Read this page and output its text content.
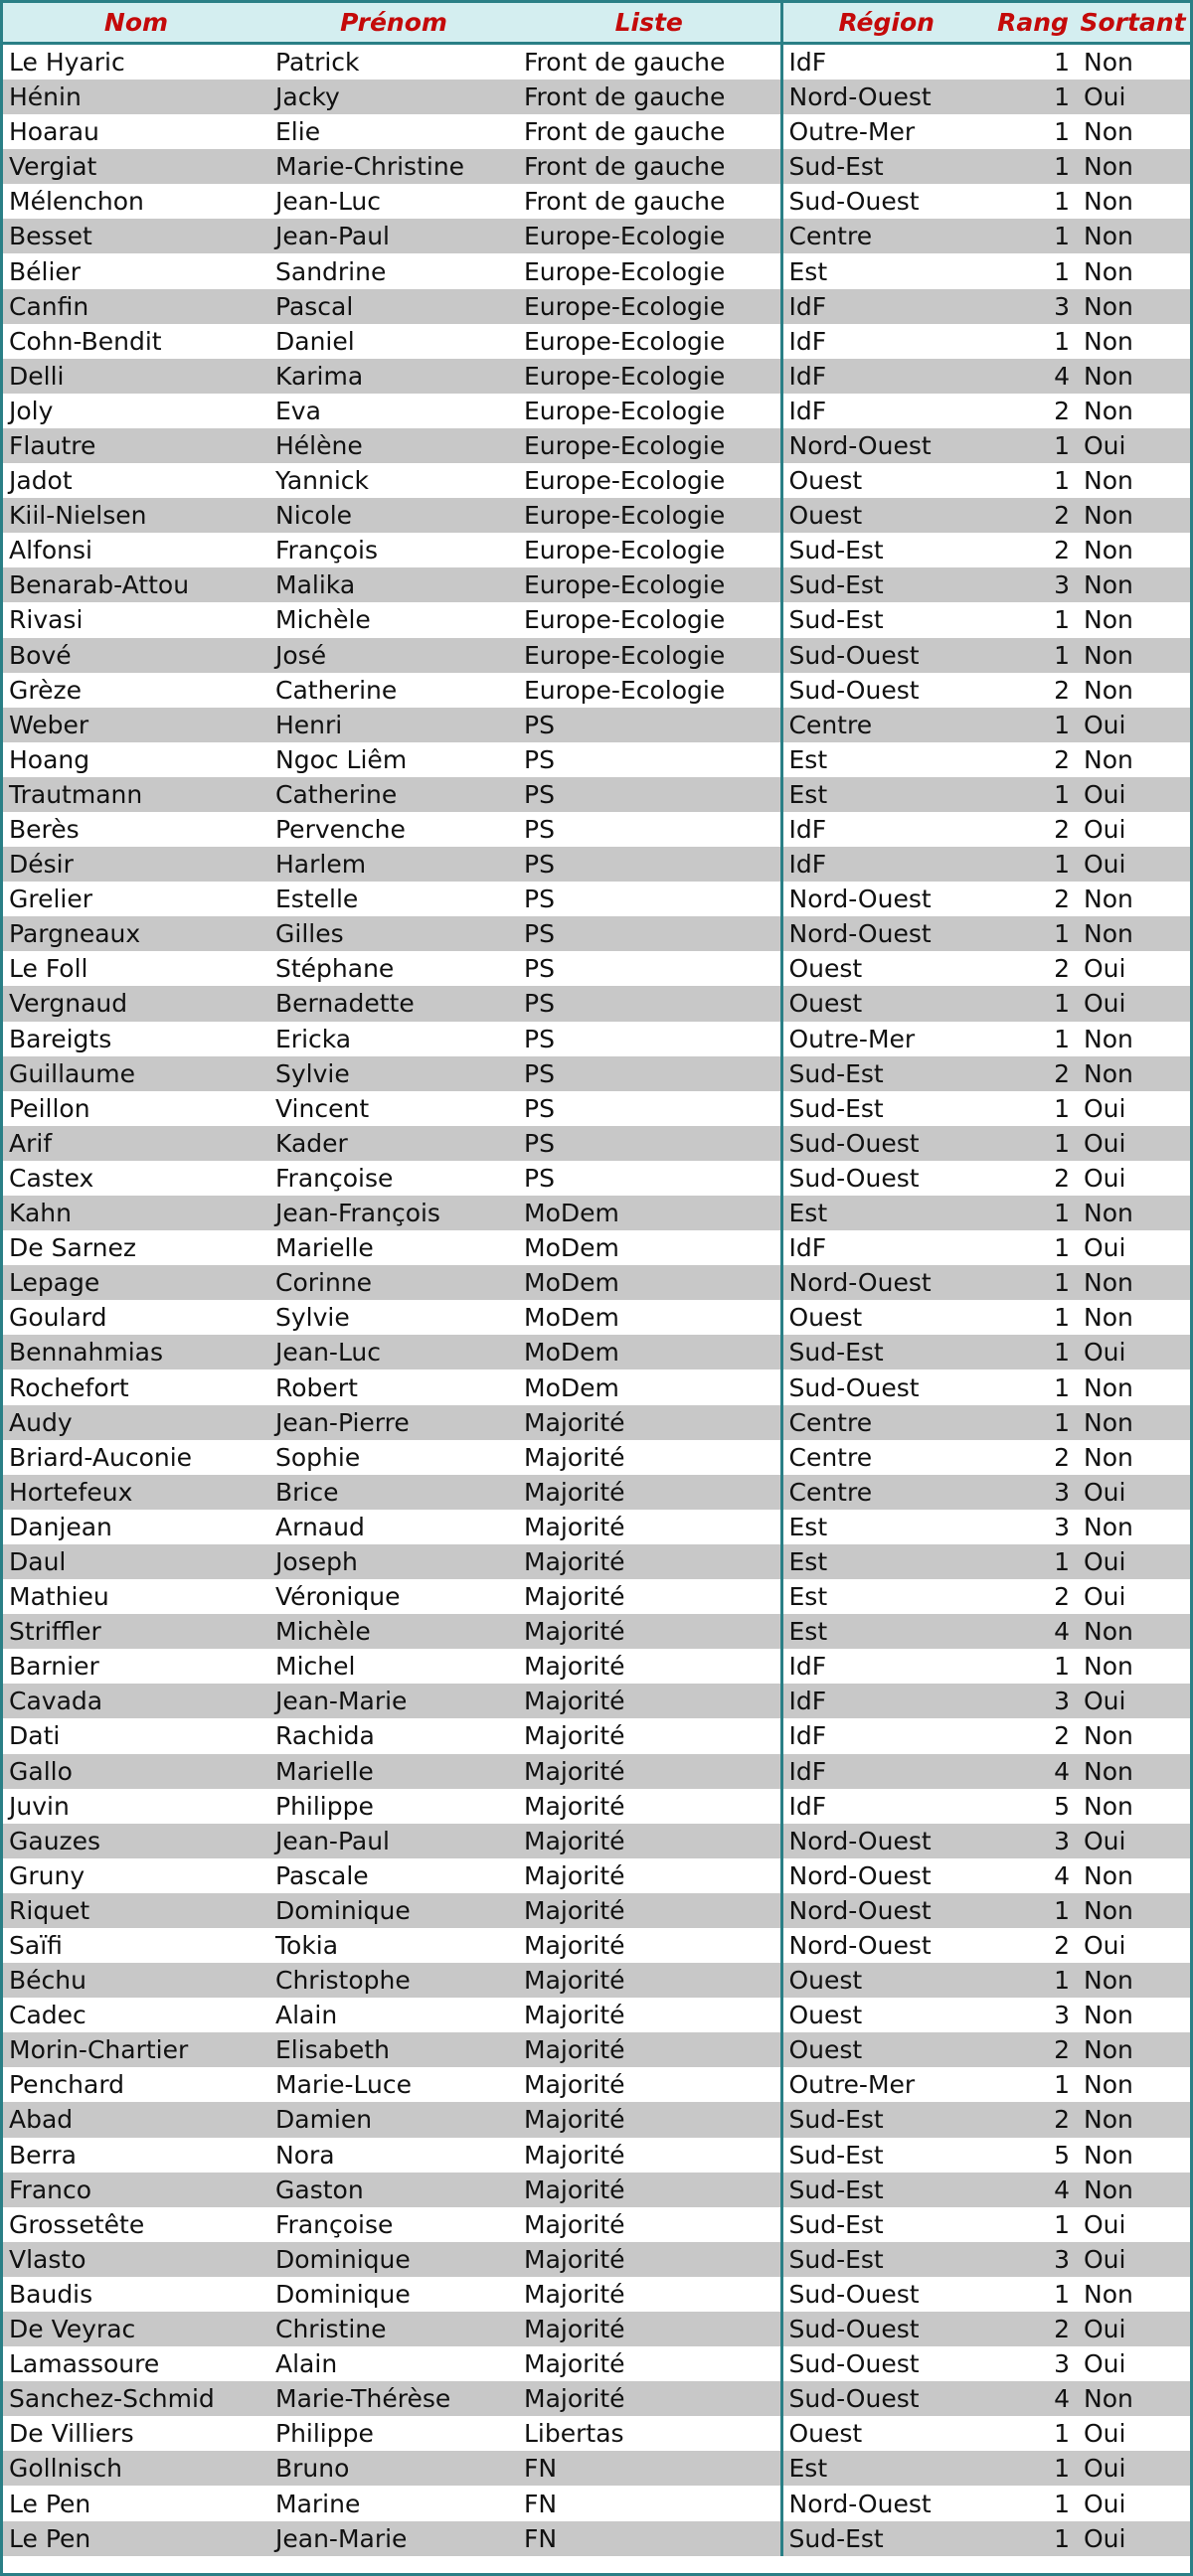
Nom	Prénom	Liste	Région	Rang	Sortant
Le Hyaric	Patrick	Front de gauche	IdF	1	Non
Hénin	Jacky	Front de gauche	Nord-Ouest	1	Oui
Hoarau	Elie	Front de gauche	Outre-Mer	1	Non
Vergiat	Marie-Christine	Front de gauche	Sud-Est	1	Non
Mélenchon	Jean-Luc	Front de gauche	Sud-Ouest	1	Non
Besset	Jean-Paul	Europe-Ecologie	Centre	1	Non
Bélier	Sandrine	Europe-Ecologie	Est	1	Non
Canfin	Pascal	Europe-Ecologie	IdF	3	Non
Cohn-Bendit	Daniel	Europe-Ecologie	IdF	1	Non
Delli	Karima	Europe-Ecologie	IdF	4	Non
Joly	Eva	Europe-Ecologie	IdF	2	Non
Flautre	Hélène	Europe-Ecologie	Nord-Ouest	1	Oui
Jadot	Yannick	Europe-Ecologie	Ouest	1	Non
Kiil-Nielsen	Nicole	Europe-Ecologie	Ouest	2	Non
Alfonsi	François	Europe-Ecologie	Sud-Est	2	Non
Benarab-Attou	Malika	Europe-Ecologie	Sud-Est	3	Non
Rivasi	Michèle	Europe-Ecologie	Sud-Est	1	Non
Bové	José	Europe-Ecologie	Sud-Ouest	1	Non
Grèze	Catherine	Europe-Ecologie	Sud-Ouest	2	Non
Weber	Henri	PS	Centre	1	Oui
Hoang	Ngoc Liêm	PS	Est	2	Non
Trautmann	Catherine	PS	Est	1	Oui
Berès	Pervenche	PS	IdF	2	Oui
Désir	Harlem	PS	IdF	1	Oui
Grelier	Estelle	PS	Nord-Ouest	2	Non
Pargneaux	Gilles	PS	Nord-Ouest	1	Non
Le Foll	Stéphane	PS	Ouest	2	Oui
Vergnaud	Bernadette	PS	Ouest	1	Oui
Bareigts	Ericka	PS	Outre-Mer	1	Non
Guillaume	Sylvie	PS	Sud-Est	2	Non
Peillon	Vincent	PS	Sud-Est	1	Oui
Arif	Kader	PS	Sud-Ouest	1	Oui
Castex	Françoise	PS	Sud-Ouest	2	Oui
Kahn	Jean-François	MoDem	Est	1	Non
De Sarnez	Marielle	MoDem	IdF	1	Oui
Lepage	Corinne	MoDem	Nord-Ouest	1	Non
Goulard	Sylvie	MoDem	Ouest	1	Non
Bennahmias	Jean-Luc	MoDem	Sud-Est	1	Oui
Rochefort	Robert	MoDem	Sud-Ouest	1	Non
Audy	Jean-Pierre	Majorité	Centre	1	Non
Briard-Auconie	Sophie	Majorité	Centre	2	Non
Hortefeux	Brice	Majorité	Centre	3	Oui
Danjean	Arnaud	Majorité	Est	3	Non
Daul	Joseph	Majorité	Est	1	Oui
Mathieu	Véronique	Majorité	Est	2	Oui
Striffler	Michèle	Majorité	Est	4	Non
Barnier	Michel	Majorité	IdF	1	Non
Cavada	Jean-Marie	Majorité	IdF	3	Oui
Dati	Rachida	Majorité	IdF	2	Non
Gallo	Marielle	Majorité	IdF	4	Non
Juvin	Philippe	Majorité	IdF	5	Non
Gauzes	Jean-Paul	Majorité	Nord-Ouest	3	Oui
Gruny	Pascale	Majorité	Nord-Ouest	4	Non
Riquet	Dominique	Majorité	Nord-Ouest	1	Non
Saïfi	Tokia	Majorité	Nord-Ouest	2	Oui
Béchu	Christophe	Majorité	Ouest	1	Non
Cadec	Alain	Majorité	Ouest	3	Non
Morin-Chartier	Elisabeth	Majorité	Ouest	2	Non
Penchard	Marie-Luce	Majorité	Outre-Mer	1	Non
Abad	Damien	Majorité	Sud-Est	2	Non
Berra	Nora	Majorité	Sud-Est	5	Non
Franco	Gaston	Majorité	Sud-Est	4	Non
Grossetête	Françoise	Majorité	Sud-Est	1	Oui
Vlasto	Dominique	Majorité	Sud-Est	3	Oui
Baudis	Dominique	Majorité	Sud-Ouest	1	Non
De Veyrac	Christine	Majorité	Sud-Ouest	2	Oui
Lamassoure	Alain	Majorité	Sud-Ouest	3	Oui
Sanchez-Schmid	Marie-Thérèse	Majorité	Sud-Ouest	4	Non
De Villiers	Philippe	Libertas	Ouest	1	Oui
Gollnisch	Bruno	FN	Est	1	Oui
Le Pen	Marine	FN	Nord-Ouest	1	Oui
Le Pen	Jean-Marie	FN	Sud-Est	1	Oui
